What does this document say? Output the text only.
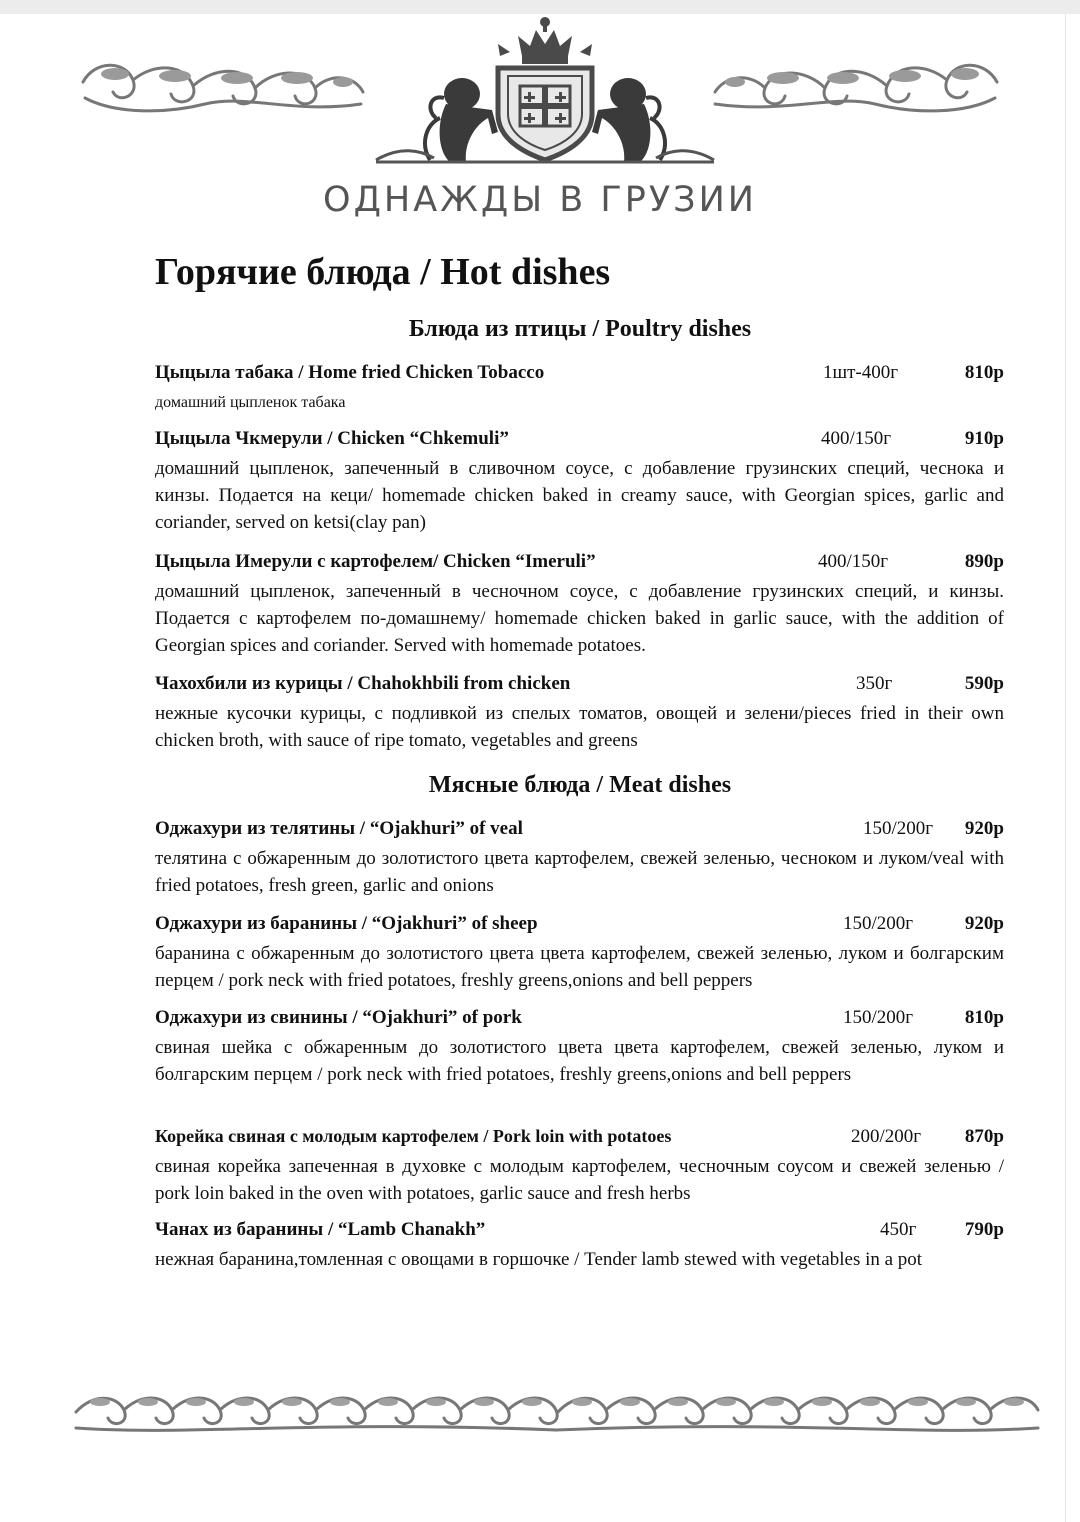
ОДНАЖДЫ В ГРУЗИИ
Горячие блюда / Hot dishes
Блюда из птицы / Poultry dishes
Цыцыла табака / Home fried Chicken Tobacco	1шт-400г	810р
домашний цыпленок табака
Цыцыла Чкмерули / Chicken “Chkemuli”	400/150г	910р
домашний цыпленок, запеченный в сливочном соусе, с добавление грузинских специй, чеснока и кинзы. Подается на кеци/ homemade chicken baked in creamy sauce, with Georgian spices, garlic and coriander, served on ketsi(clay pan)
Цыцыла Имерули с картофелем/ Chicken “Imeruli”	400/150г	890р
домашний цыпленок, запеченный в чесночном соусе, с добавление грузинских специй, и кинзы. Подается с картофелем по-домашнему/ homemade chicken baked in garlic sauce, with the addition of Georgian spices and coriander. Served with homemade potatoes.
Чахохбили из курицы / Chahokhbili from chicken	350г	590р
нежные кусочки курицы, с подливкой из спелых томатов, овощей и зелени/pieces fried in their own chicken broth, with sauce of ripe tomato, vegetables and greens
Мясные блюда / Meat dishes
Оджахури из телятины / “Ojakhuri” of veal	150/200г 920р
телятина с обжаренным до золотистого цвета картофелем, свежей зеленью, чесноком и луком/veal with fried potatoes, fresh green, garlic and onions
Оджахури из баранины / “Ojakhuri” of sheep	150/200г	920р
баранина с обжаренным до золотистого цвета цвета картофелем, свежей зеленью, луком и болгарским перцем / pork neck with fried potatoes, freshly greens,onions and bell peppers
Оджахури из свинины / “Ojakhuri” of pork	150/200г	810р
свиная шейка с обжаренным до золотистого цвета цвета картофелем, свежей зеленью, луком и болгарским перцем / pork neck with fried potatoes, freshly greens,onions and bell peppers
Корейка свиная с молодым картофелем / Pork loin with potatoes	200/200г 870р
свиная корейка запеченная в духовке с молодым картофелем, чесночным соусом и свежей зеленью / pork loin baked in the oven with potatoes, garlic sauce and fresh herbs
Чанах из баранины / “Lamb Chanakh”	450г	790р
нежная баранина,томленная с овощами в горшочке / Tender lamb stewed with vegetables in a pot
